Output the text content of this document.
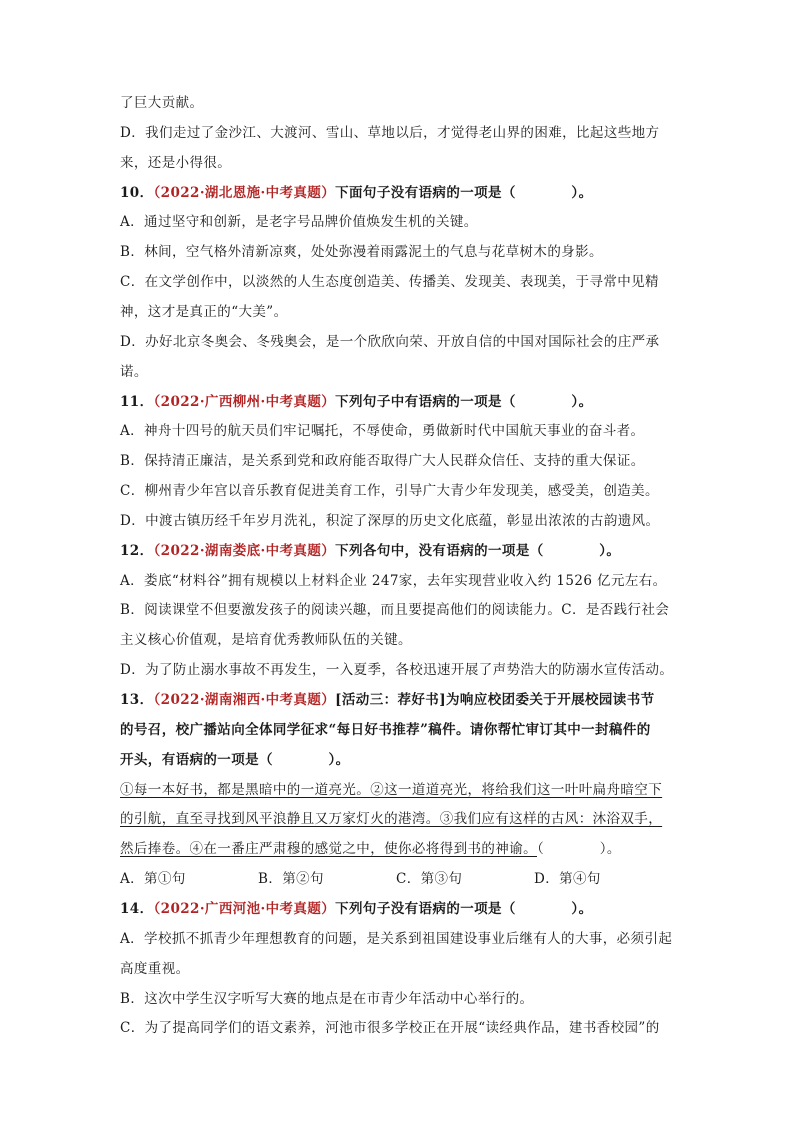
了巨大贡献。
D．我们走过了金沙江、大渡河、雪山、草地以后，才觉得老山界的困难，比起这些地方
来，还是小得很。
10．（2022·湖北恩施·中考真题）下面句子没有语病的一项是（　　　　）。
A．通过坚守和创新，是老字号品牌价值焕发生机的关键。
B．林间，空气格外清新凉爽，处处弥漫着雨露泥土的气息与花草树木的身影。
C．在文学创作中，以淡然的人生态度创造美、传播美、发现美、表现美，于寻常中见精
神，这才是真正的“大美”。
D．办好北京冬奥会、冬残奥会，是一个欣欣向荣、开放自信的中国对国际社会的庄严承
诺。
11．（2022·广西柳州·中考真题）下列句子中有语病的一项是（　　　　）。
A．神舟十四号的航天员们牢记嘱托，不辱使命，勇做新时代中国航天事业的奋斗者。
B．保持清正廉洁，是关系到党和政府能否取得广大人民群众信任、支持的重大保证。
C．柳州青少年宫以音乐教育促进美育工作，引导广大青少年发现美，感受美，创造美。
D．中渡古镇历经千年岁月洗礼，积淀了深厚的历史文化底蕴，彰显出浓浓的古韵遗风。
12．（2022·湖南娄底·中考真题）下列各句中，没有语病的一项是（　　　　）。
A．娄底“材料谷”拥有规模以上材料企业 247家，去年实现营业收入约 1526 亿元左右。
B．阅读课堂不但要激发孩子的阅读兴趣，而且要提高他们的阅读能力。C．是否践行社会
主义核心价值观，是培育优秀教师队伍的关键。
D．为了防止溺水事故不再发生，一入夏季，各校迅速开展了声势浩大的防溺水宣传活动。
13．（2022·湖南湘西·中考真题）[活动三：荐好书]为响应校团委关于开展校园读书节
的号召，校广播站向全体同学征求“每日好书推荐”稿件。请你帮忙审订其中一封稿件的
开头，有语病的一项是（　　　　）。
①每一本好书，都是黑暗中的一道亮光。②这一道道亮光，将给我们这一叶叶扁舟暗空下
的引航，直至寻找到风平浪静且又万家灯火的港湾。③我们应有这样的古风：沐浴双手，
然后捧卷。④在一番庄严肃穆的感觉之中，使你必将得到书的神谕。（　　　　）。
A．第①句	B．第②句	C．第③句	D．第④句
14．（2022·广西河池·中考真题）下列句子没有语病的一项是（　　　　）。
A．学校抓不抓青少年理想教育的问题，是关系到祖国建设事业后继有人的大事，必须引起
高度重视。
B．这次中学生汉字听写大赛的地点是在市青少年活动中心举行的。
C．为了提高同学们的语文素养，河池市很多学校正在开展“读经典作品，建书香校园”的
